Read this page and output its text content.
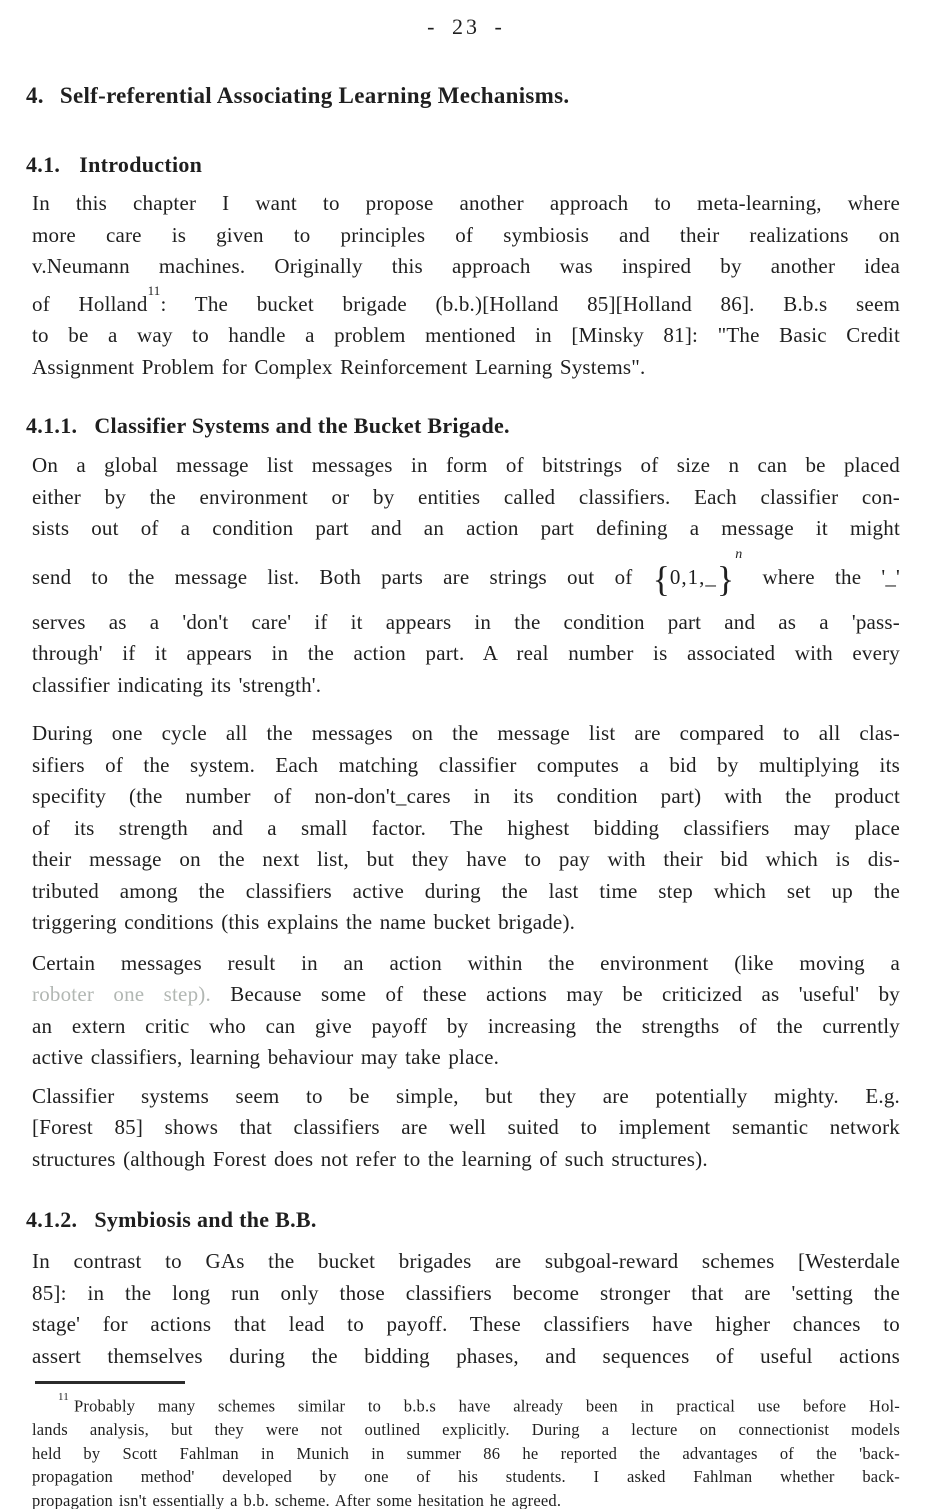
- 23 -
4. Self-referential Associating Learning Mechanisms.
4.1. Introduction
In this chapter I want to propose another approach to meta-learning, where
more care is given to principles of symbiosis and their realizations on
v.Neumann machines. Originally this approach was inspired by another idea
of Holland$^{11}$: The bucket brigade (b.b.)[Holland 85][Holland 86]. B.b.s seem
to be a way to handle a problem mentioned in [Minsky 81]: "The Basic Credit
Assignment Problem for Complex Reinforcement Learning Systems".
4.1.1. Classifier Systems and the Bucket Brigade.
On a global message list messages in form of bitstrings of size n can be placed
either by the environment or by entities called classifiers. Each classifier con-
sists out of a condition part and an action part defining a message it might
send to the message list. Both parts are strings out of {0,1,_}$^n$ where the '_'
serves as a 'don't care' if it appears in the condition part and as a 'pass-
through' if it appears in the action part. A real number is associated with every
classifier indicating its 'strength'.
During one cycle all the messages on the message list are compared to all clas-
sifiers of the system. Each matching classifier computes a bid by multiplying its
specifity (the number of non-don't_cares in its condition part) with the product
of its strength and a small factor. The highest bidding classifiers may place
their message on the next list, but they have to pay with their bid which is dis-
tributed among the classifiers active during the last time step which set up the
triggering conditions (this explains the name bucket brigade).
Certain messages result in an action within the environment (like moving a
roboter one step). Because some of these actions may be criticized as 'useful' by
an extern critic who can give payoff by increasing the strengths of the currently
active classifiers, learning behaviour may take place.
Classifier systems seem to be simple, but they are potentially mighty. E.g.
[Forest 85] shows that classifiers are well suited to implement semantic network
structures (although Forest does not refer to the learning of such structures).
4.1.2. Symbiosis and the B.B.
In contrast to GAs the bucket brigades are subgoal-reward schemes [Westerdale
85]: in the long run only those classifiers become stronger that are 'setting the
stage' for actions that lead to payoff. These classifiers have higher chances to
assert themselves during the bidding phases, and sequences of useful actions
$^{11}$ Probably many schemes similar to b.b.s have already been in practical use before Hol-
lands analysis, but they were not outlined explicitly. During a lecture on connectionist models
held by Scott Fahlman in Munich in summer 86 he reported the advantages of the 'back-
propagation method' developed by one of his students. I asked Fahlman whether back-
propagation isn't essentially a b.b. scheme. After some hesitation he agreed.
